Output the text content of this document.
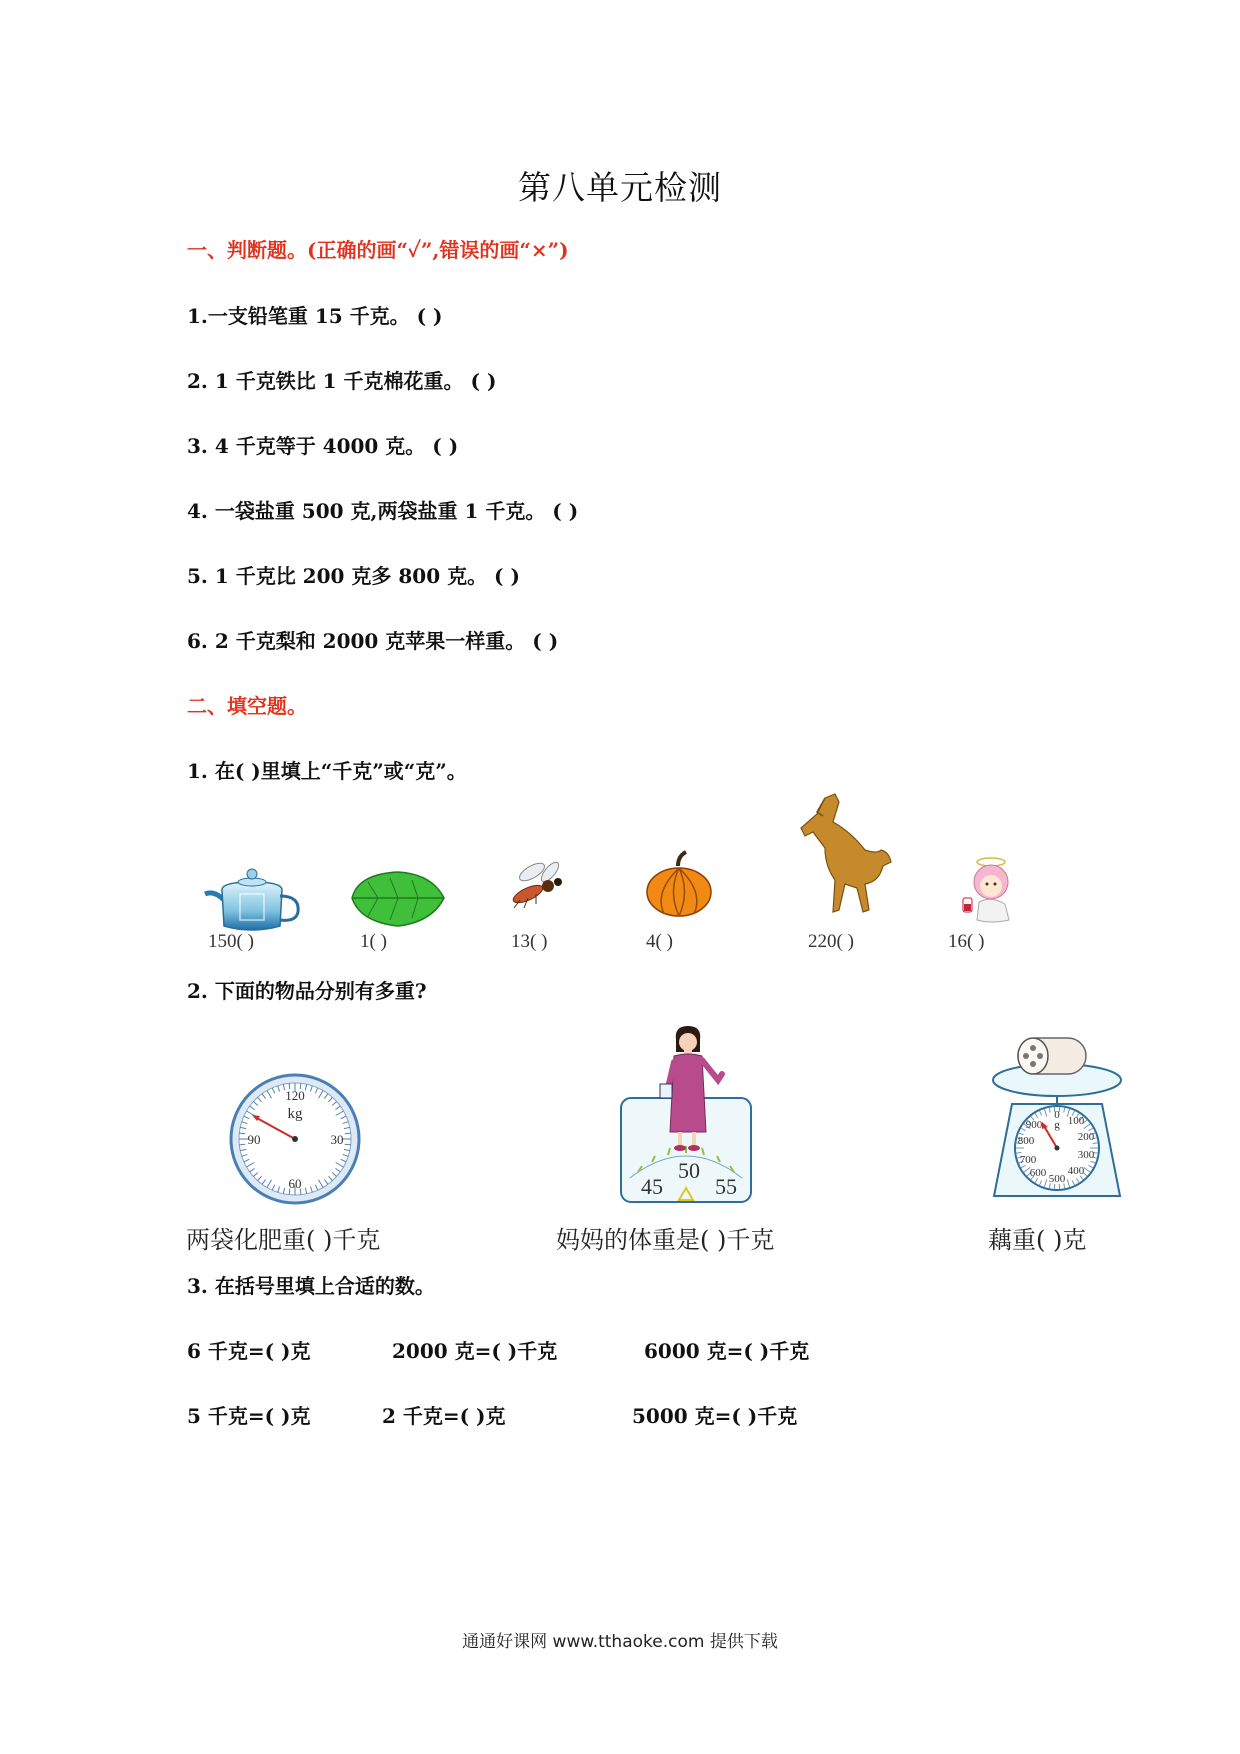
第八单元检测
一、判断题。(正确的画“✓”,错误的画“×”)
1.一支铅笔重 15 千克。 ( )
2. 1 千克铁比 1 千克棉花重。 ( )
3. 4 千克等于 4000 克。 ( )
4. 一袋盐重 500 克,两袋盐重 1 千克。 ( )
5. 1 千克比 200 克多 800 克。 ( )
6. 2 千克梨和 2000 克苹果一样重。 ( )
二、填空题。
1. 在( )里填上“千克”或“克”。
150( )	1( )	13( )	4( )	220( )	16( )
2. 下面的物品分别有多重?
120
kg
90	30
60
两袋化肥重( )千克
45
50
55
妈妈的体重是( )千克
0
g 100
200
300
400
500
600
700
800
900
藕重( )克
3. 在括号里填上合适的数。
6 千克=( )克	2000 克=( )千克	6000 克=( )千克
5 千克=( )克	2 千克=( )克	5000 克=( )千克
通通好课网 www.tthaoke.com 提供下载
